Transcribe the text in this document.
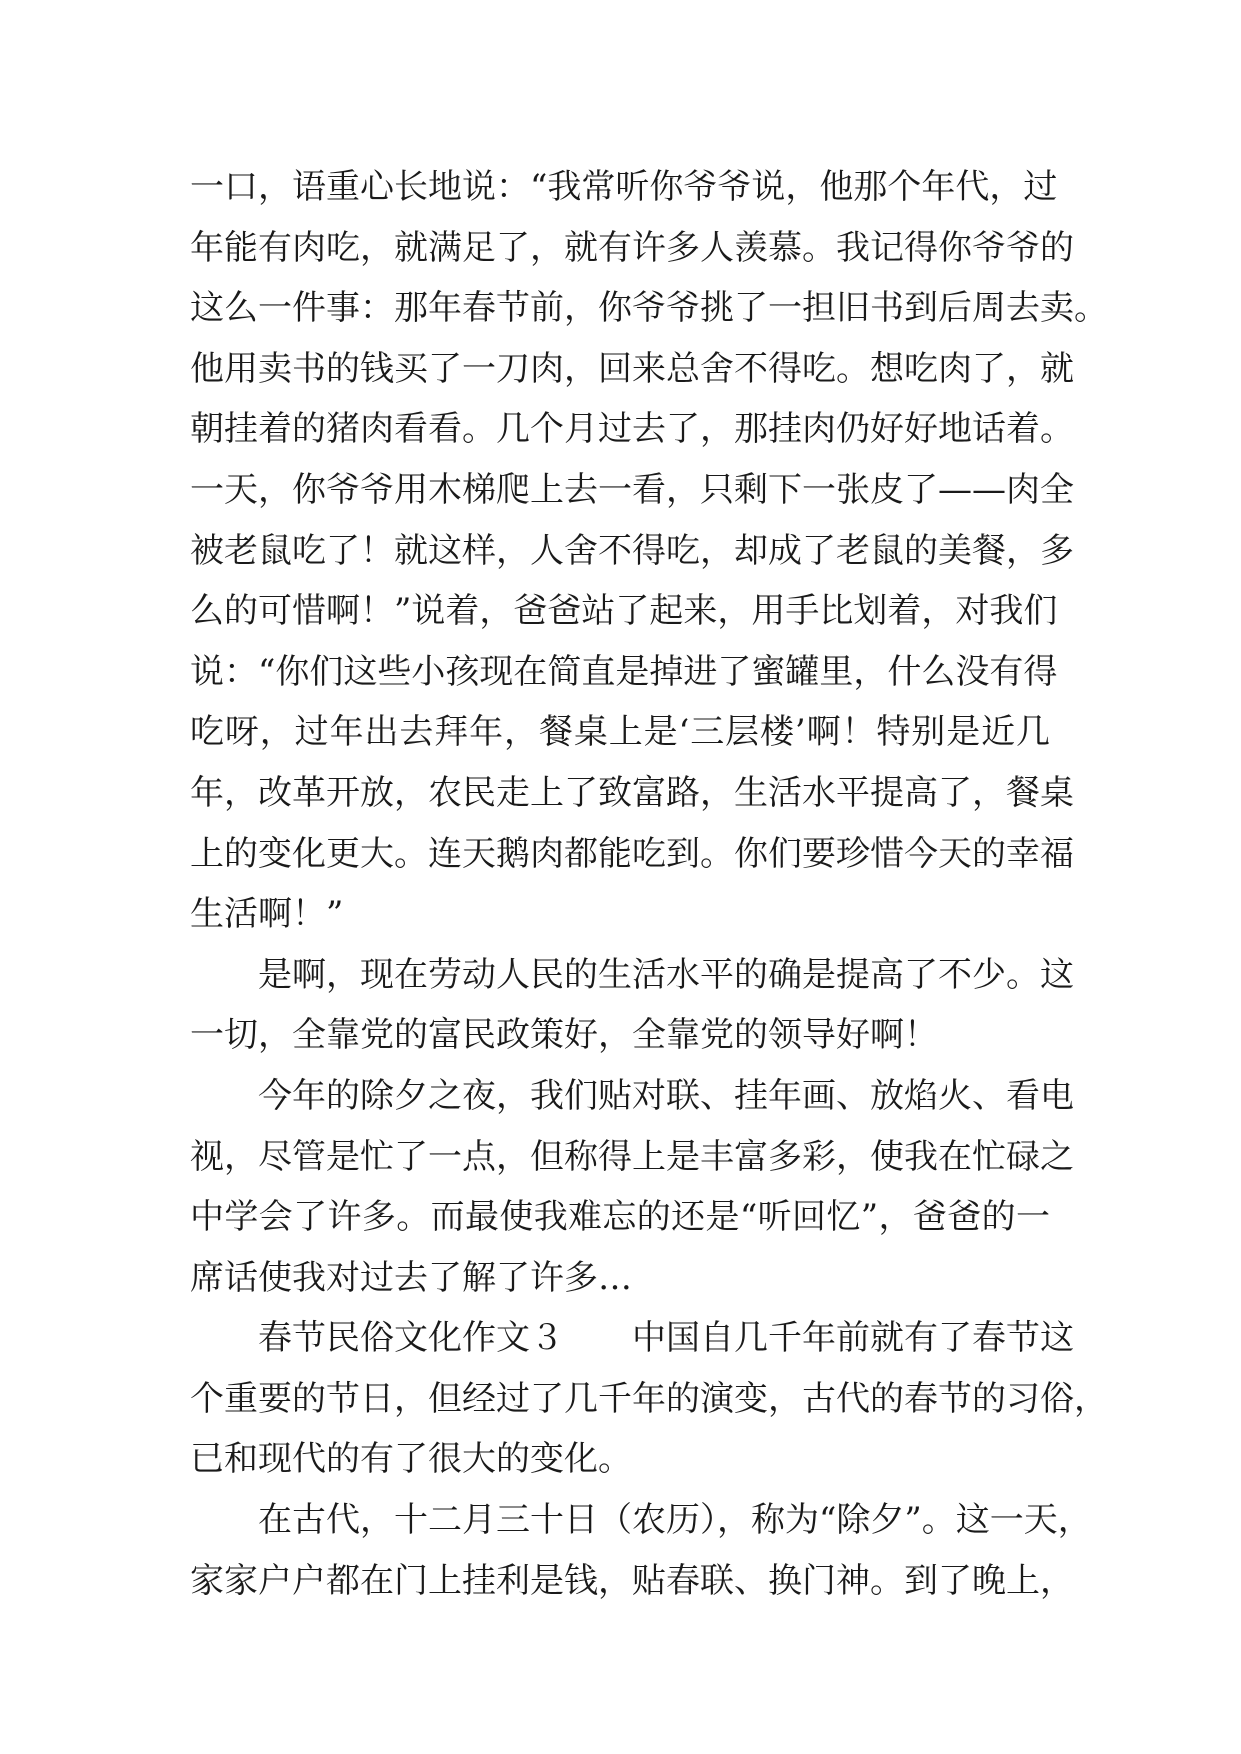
一口，语重心长地说：“我常听你爷爷说，他那个年代，过
年能有肉吃，就满足了，就有许多人羡慕。我记得你爷爷的
这么一件事：那年春节前，你爷爷挑了一担旧书到后周去卖。
他用卖书的钱买了一刀肉，回来总舍不得吃。想吃肉了，就
朝挂着的猪肉看看。几个月过去了，那挂肉仍好好地话着。
一天，你爷爷用木梯爬上去一看，只剩下一张皮了——肉全
被老鼠吃了！就这样，人舍不得吃，却成了老鼠的美餐，多
么的可惜啊！”说着，爸爸站了起来，用手比划着，对我们
说：“你们这些小孩现在简直是掉进了蜜罐里，什么没有得
吃呀，过年出去拜年，餐桌上是‘三层楼’啊！特别是近几
年，改革开放，农民走上了致富路，生活水平提高了，餐桌
上的变化更大。连天鹅肉都能吃到。你们要珍惜今天的幸福
生活啊！”
是啊，现在劳动人民的生活水平的确是提高了不少。这
一切，全靠党的富民政策好，全靠党的领导好啊！
今年的除夕之夜，我们贴对联、挂年画、放焰火、看电
视，尽管是忙了一点，但称得上是丰富多彩，使我在忙碌之
中学会了许多。而最使我难忘的还是“听回忆”，爸爸的一
席话使我对过去了解了许多…
春节民俗文化作文３　　中国自几千年前就有了春节这
个重要的节日，但经过了几千年的演变，古代的春节的习俗，
已和现代的有了很大的变化。
在古代，十二月三十日（农历），称为“除夕”。这一天，
家家户户都在门上挂利是钱，贴春联、换门神。到了晚上，
